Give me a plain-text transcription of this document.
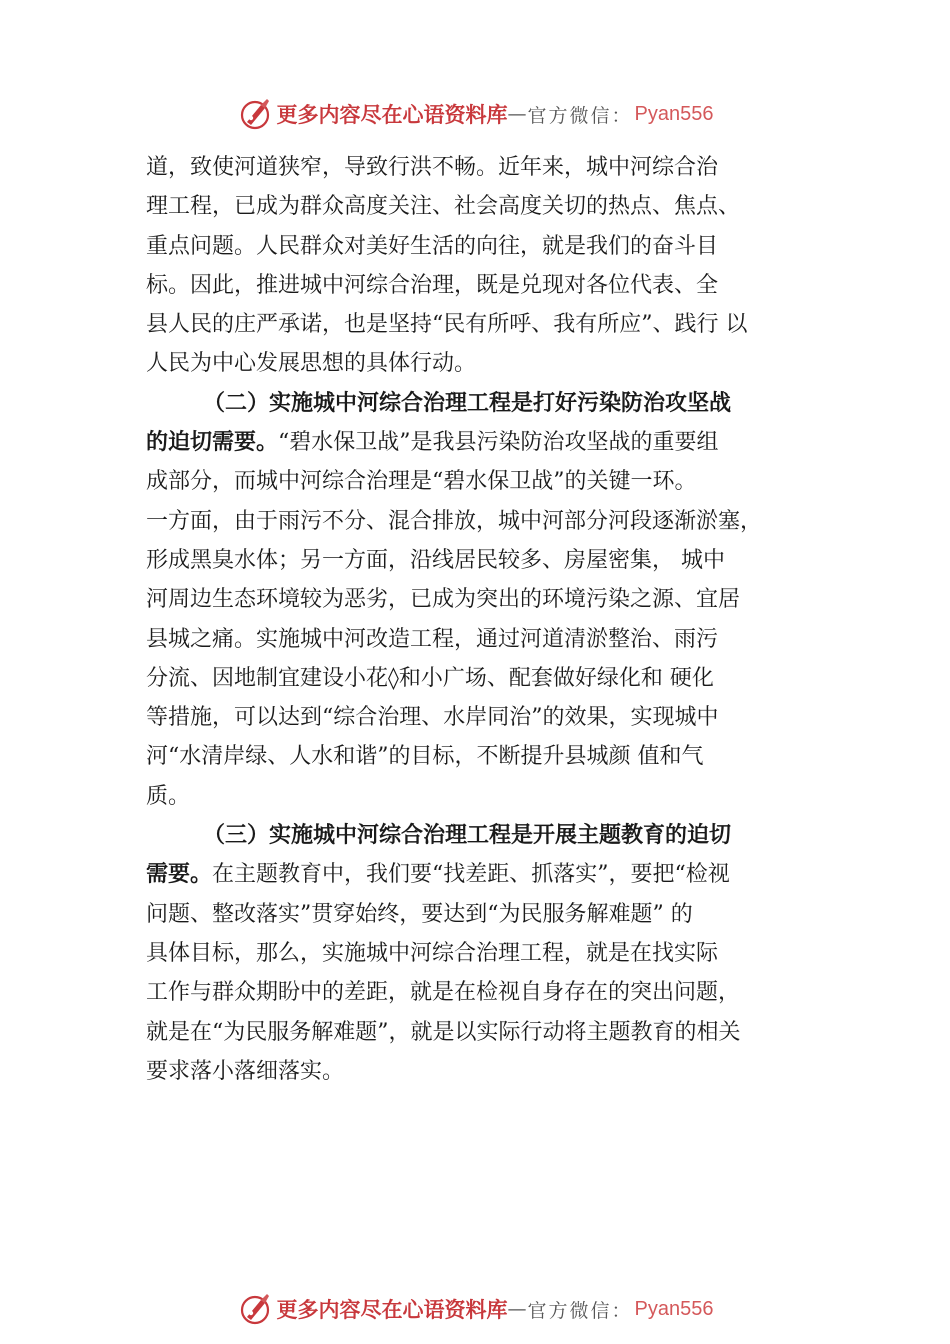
更多内容尽在心语资料库 — 官方微信： Pyan556
道，致使河道狭窄，导致行洪不畅。近年来，城中河综合治
理工程，已成为群众高度关注、社会高度关切的热点、焦点、
重点问题。人民群众对美好生活的向往，就是我们的奋斗目
标。因此，推进城中河综合治理，既是兑现对各位代表、全
县人民的庄严承诺，也是坚持“民有所呼、我有所应”、践行 以
人民为中心发展思想的具体行动。
（二）实施城中河综合治理工程是打好污染防治攻坚战
的迫切需要。“碧水保卫战”是我县污染防治攻坚战的重要组
成部分，而城中河综合治理是“碧水保卫战”的关键一环。
一方面，由于雨污不分、混合排放，城中河部分河段逐渐淤塞，
形成黑臭水体；另一方面，沿线居民较多、房屋密集， 城中
河周边生态环境较为恶劣，已成为突出的环境污染之源、宜居
县城之痛。实施城中河改造工程，通过河道清淤整治、雨污
分流、因地制宜建设小花◊和小广场、配套做好绿化和 硬化
等措施，可以达到“综合治理、水岸同治”的效果，实现城中
河“水清岸绿、人水和谐”的目标，不断提升县城颜 值和气
质。
（三）实施城中河综合治理工程是开展主题教育的迫切
需要。在主题教育中，我们要“找差距、抓落实”，要把“检视
问题、整改落实”贯穿始终，要达到“为民服务解难题” 的
具体目标，那么，实施城中河综合治理工程，就是在找实际
工作与群众期盼中的差距，就是在检视自身存在的突出问题，
就是在“为民服务解难题”，就是以实际行动将主题教育的相关
要求落小落细落实。
更多内容尽在心语资料库 — 官方微信： Pyan556
